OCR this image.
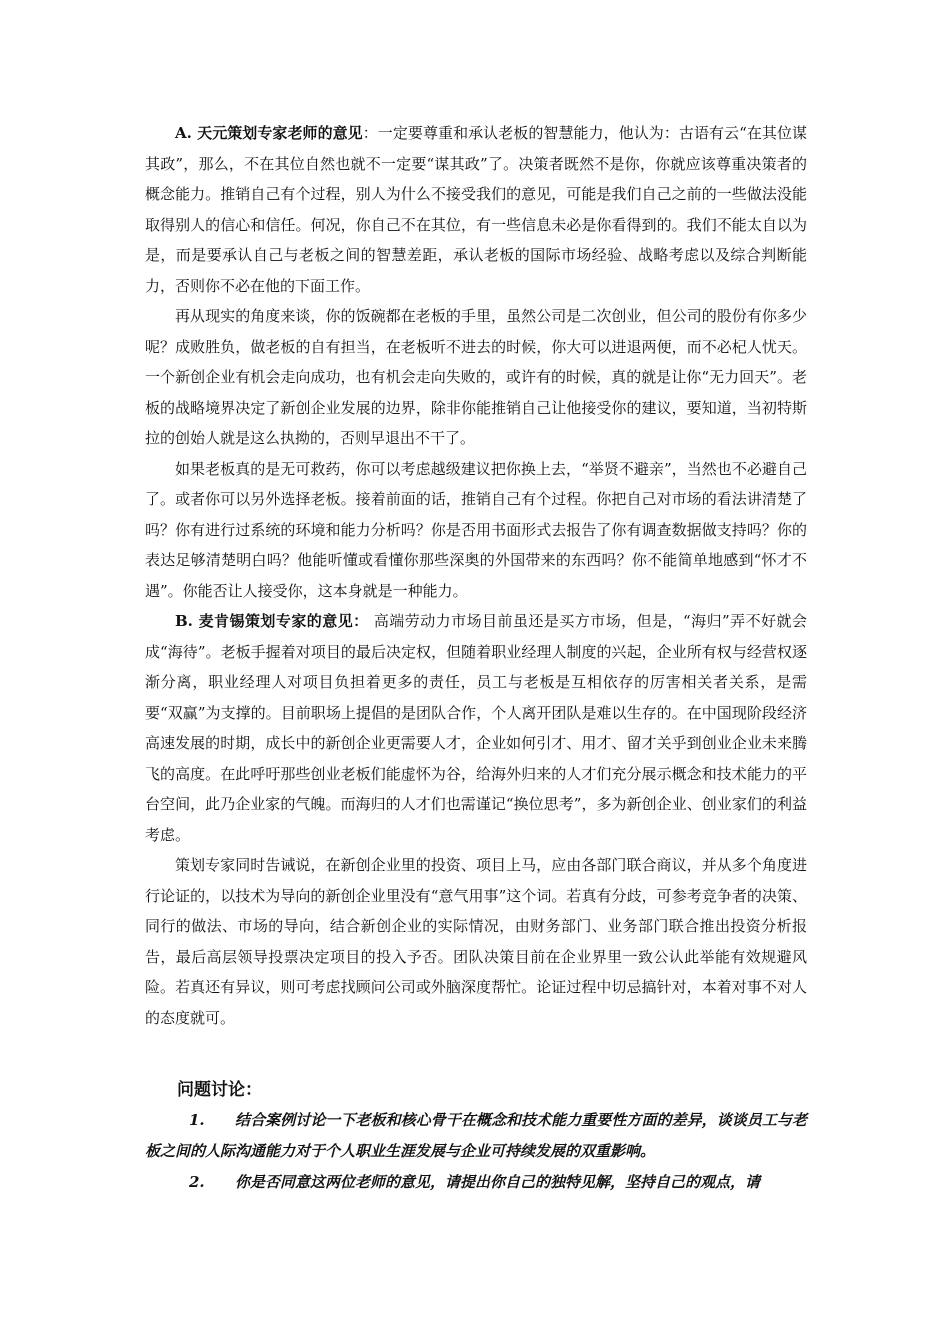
A. 天元策划专家老师的意见：一定要尊重和承认老板的智慧能力，他认为：古语有云“在其位谋其政”，那么，不在其位自然也就不一定要“谋其政”了。决策者既然不是你，你就应该尊重决策者的概念能力。推销自己有个过程，别人为什么不接受我们的意见，可能是我们自己之前的一些做法没能取得别人的信心和信任。何况，你自己不在其位，有一些信息未必是你看得到的。我们不能太自以为是，而是要承认自己与老板之间的智慧差距，承认老板的国际市场经验、战略考虑以及综合判断能力，否则你不必在他的下面工作。

再从现实的角度来谈，你的饭碗都在老板的手里，虽然公司是二次创业，但公司的股份有你多少呢？成败胜负，做老板的自有担当，在老板听不进去的时候，你大可以进退两便，而不必杞人忧天。一个新创企业有机会走向成功，也有机会走向失败的，或许有的时候，真的就是让你“无力回天”。老板的战略境界决定了新创企业发展的边界，除非你能推销自己让他接受你的建议，要知道，当初特斯拉的创始人就是这么执拗的，否则早退出不干了。

如果老板真的是无可救药，你可以考虑越级建议把你换上去，“举贤不避亲”，当然也不必避自己了。或者你可以另外选择老板。接着前面的话，推销自己有个过程。你把自己对市场的看法讲清楚了吗？你有进行过系统的环境和能力分析吗？你是否用书面形式去报告了你有调查数据做支持吗？你的表达足够清楚明白吗？他能听懂或看懂你那些深奥的外国带来的东西吗？你不能简单地感到“怀才不遇”。你能否让人接受你，这本身就是一种能力。

B. 麦肯锡策划专家的意见： 高端劳动力市场目前虽还是买方市场，但是，“海归”弄不好就会成“海待”。老板手握着对项目的最后决定权，但随着职业经理人制度的兴起，企业所有权与经营权逐渐分离，职业经理人对项目负担着更多的责任，员工与老板是互相依存的厉害相关者关系，是需要“双赢”为支撑的。目前职场上提倡的是团队合作，个人离开团队是难以生存的。在中国现阶段经济高速发展的时期，成长中的新创企业更需要人才，企业如何引才、用才、留才关乎到创业企业未来腾飞的高度。在此呼吁那些创业老板们能虚怀为谷，给海外归来的人才们充分展示概念和技术能力的平台空间，此乃企业家的气魄。而海归的人才们也需谨记“换位思考”，多为新创企业、创业家们的利益考虑。

策划专家同时告诫说，在新创企业里的投资、项目上马，应由各部门联合商议，并从多个角度进行论证的，以技术为导向的新创企业里没有“意气用事”这个词。若真有分歧，可参考竞争者的决策、同行的做法、市场的导向，结合新创企业的实际情况，由财务部门、业务部门联合推出投资分析报告，最后高层领导投票决定项目的投入予否。团队决策目前在企业界里一致公认此举能有效规避风险。若真还有异议，则可考虑找顾问公司或外脑深度帮忙。论证过程中切忌搞针对，本着对事不对人的态度就可。

问题讨论：

1. 结合案例讨论一下老板和核心骨干在概念和技术能力重要性方面的差异，谈谈员工与老板之间的人际沟通能力对于个人职业生涯发展与企业可持续发展的双重影响。

2. 你是否同意这两位老师的意见，请提出你自己的独特见解，坚持自己的观点，请
